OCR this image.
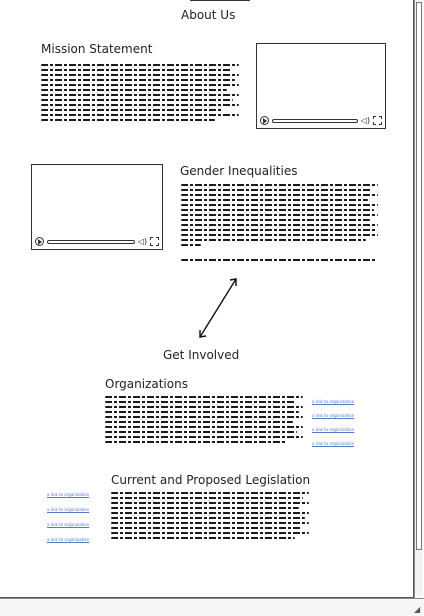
About Us
Mission Statement
◁)
◁)
Gender Inequalities
Get Involved
Organizations
a link to organization
a link to organization
a link to organization
a link to organization
Current and Proposed Legislation
a link to organization
a link to organization
a link to organization
a link to organization
◢
